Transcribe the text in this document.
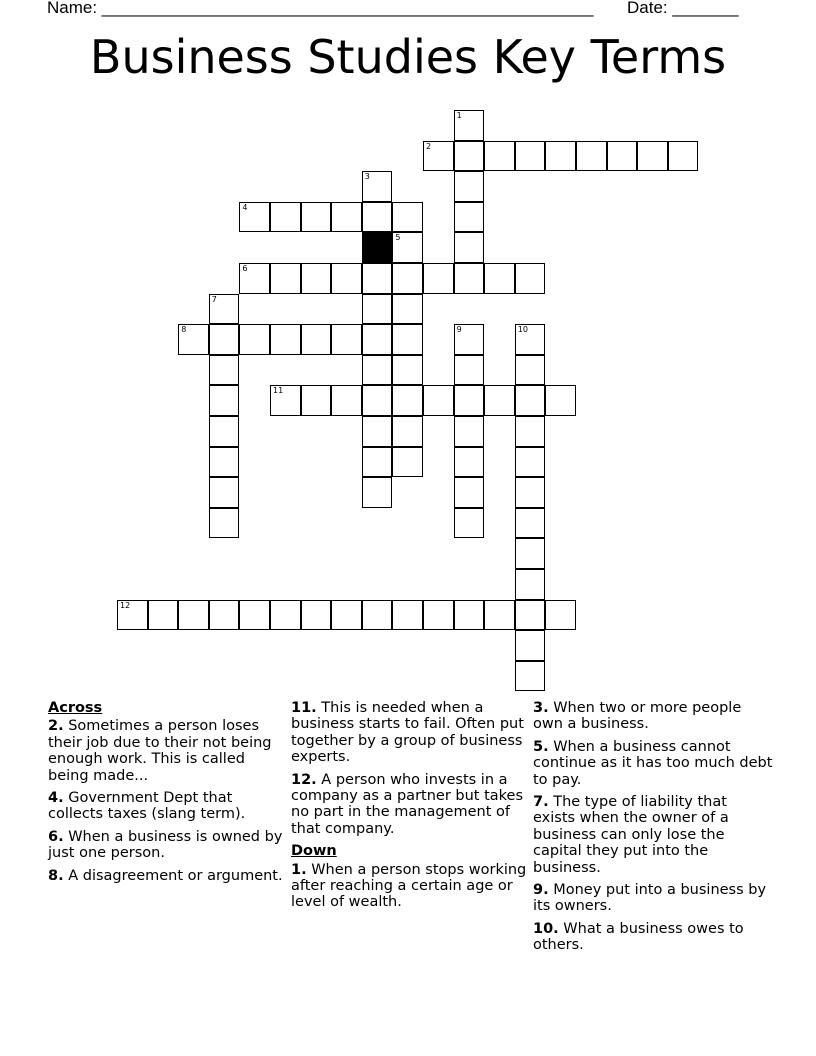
Name: ____________________________________________________ Date: _______
Business Studies Key Terms
1
2
3
4
5
6
7
8	9	10
11
12
Across
2. Sometimes a person loses their job due to their not being enough work. This is called being made...
4. Government Dept that collects taxes (slang term).
6. When a business is owned by just one person.
8. A disagreement or argument.
11. This is needed when a business starts to fail. Often put together by a group of business experts.
12. A person who invests in a company as a partner but takes no part in the management of that company.
Down
1. When a person stops working after reaching a certain age or level of wealth.
3. When two or more people own a business.
5. When a business cannot continue as it has too much debt to pay.
7. The type of liability that exists when the owner of a business can only lose the capital they put into the business.
9. Money put into a business by its owners.
10. What a business owes to others.
